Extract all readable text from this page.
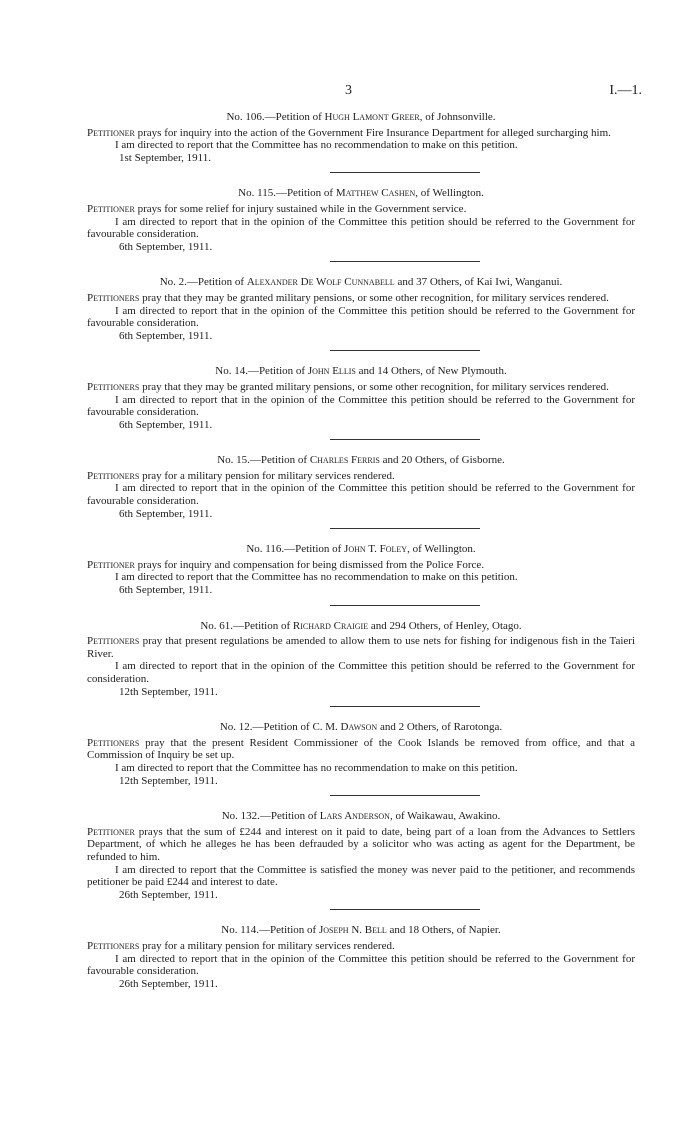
3	I.—1.
No. 106.—Petition of Hugh Lamont Greer, of Johnsonville.

Petitioner prays for inquiry into the action of the Government Fire Insurance Department for alleged surcharging him.

I am directed to report that the Committee has no recommendation to make on this petition.

1st September, 1911.

No. 115.—Petition of Matthew Cashen, of Wellington.

Petitioner prays for some relief for injury sustained while in the Government service.

I am directed to report that in the opinion of the Committee this petition should be referred to the Government for favourable consideration.

6th September, 1911.

No. 2.—Petition of Alexander De Wolf Cunnabell and 37 Others, of Kai Iwi, Wanganui.

Petitioners pray that they may be granted military pensions, or some other recognition, for military services rendered.

I am directed to report that in the opinion of the Committee this petition should be referred to the Government for favourable consideration.

6th September, 1911.

No. 14.—Petition of John Ellis and 14 Others, of New Plymouth.

Petitioners pray that they may be granted military pensions, or some other recognition, for military services rendered.

I am directed to report that in the opinion of the Committee this petition should be referred to the Government for favourable consideration.

6th September, 1911.

No. 15.—Petition of Charles Ferris and 20 Others, of Gisborne.

Petitioners pray for a military pension for military services rendered.

I am directed to report that in the opinion of the Committee this petition should be referred to the Government for favourable consideration.

6th September, 1911.

No. 116.—Petition of John T. Foley, of Wellington.

Petitioner prays for inquiry and compensation for being dismissed from the Police Force.

I am directed to report that the Committee has no recommendation to make on this petition.

6th September, 1911.

No. 61.—Petition of Richard Craigie and 294 Others, of Henley, Otago.

Petitioners pray that present regulations be amended to allow them to use nets for fishing for indigenous fish in the Taieri River.

I am directed to report that in the opinion of the Committee this petition should be referred to the Government for consideration.

12th September, 1911.

No. 12.—Petition of C. M. Dawson and 2 Others, of Rarotonga.

Petitioners pray that the present Resident Commissioner of the Cook Islands be removed from office, and that a Commission of Inquiry be set up.

I am directed to report that the Committee has no recommendation to make on this petition.

12th September, 1911.

No. 132.—Petition of Lars Anderson, of Waikawau, Awakino.

Petitioner prays that the sum of £244 and interest on it paid to date, being part of a loan from the Advances to Settlers Department, of which he alleges he has been defrauded by a solicitor who was acting as agent for the Department, be refunded to him.

I am directed to report that the Committee is satisfied the money was never paid to the petitioner, and recommends petitioner be paid £244 and interest to date.

26th September, 1911.

No. 114.—Petition of Joseph N. Bell and 18 Others, of Napier.

Petitioners pray for a military pension for military services rendered.

I am directed to report that in the opinion of the Committee this petition should be referred to the Government for favourable consideration.

26th September, 1911.
